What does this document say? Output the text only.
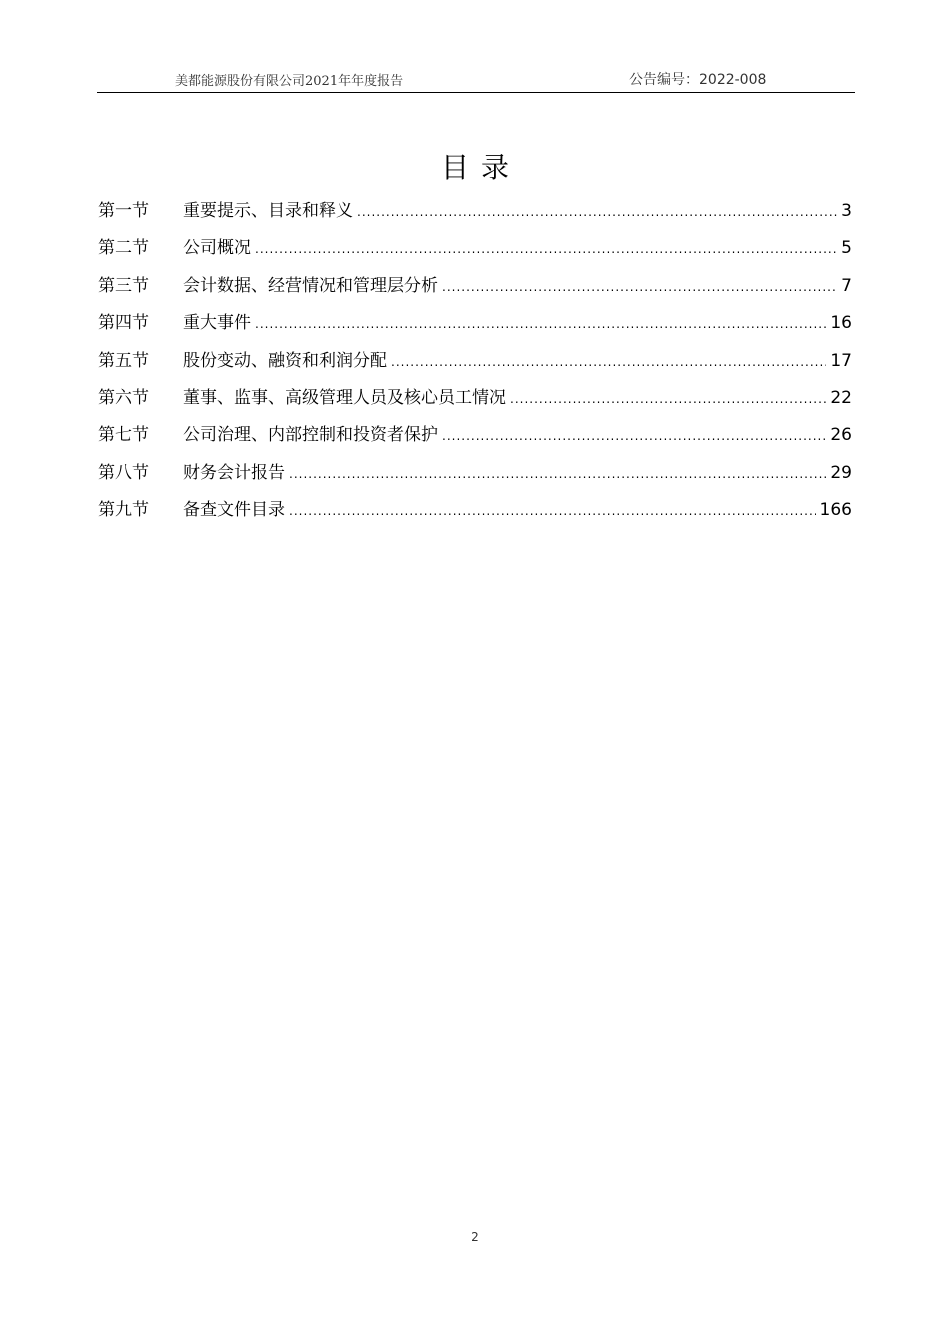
美都能源股份有限公司2021年年度报告	公告编号：2022-008
目录
第一节	重要提示、目录和释义 .....	3
第二节	公司概况 .....	5
第三节	会计数据、经营情况和管理层分析 .....	7
第四节	重大事件 .....	16
第五节	股份变动、融资和利润分配 .....	17
第六节	董事、监事、高级管理人员及核心员工情况 .....	22
第七节	公司治理、内部控制和投资者保护 .....	26
第八节	财务会计报告 .....	29
第九节	备查文件目录 .....	166
2
